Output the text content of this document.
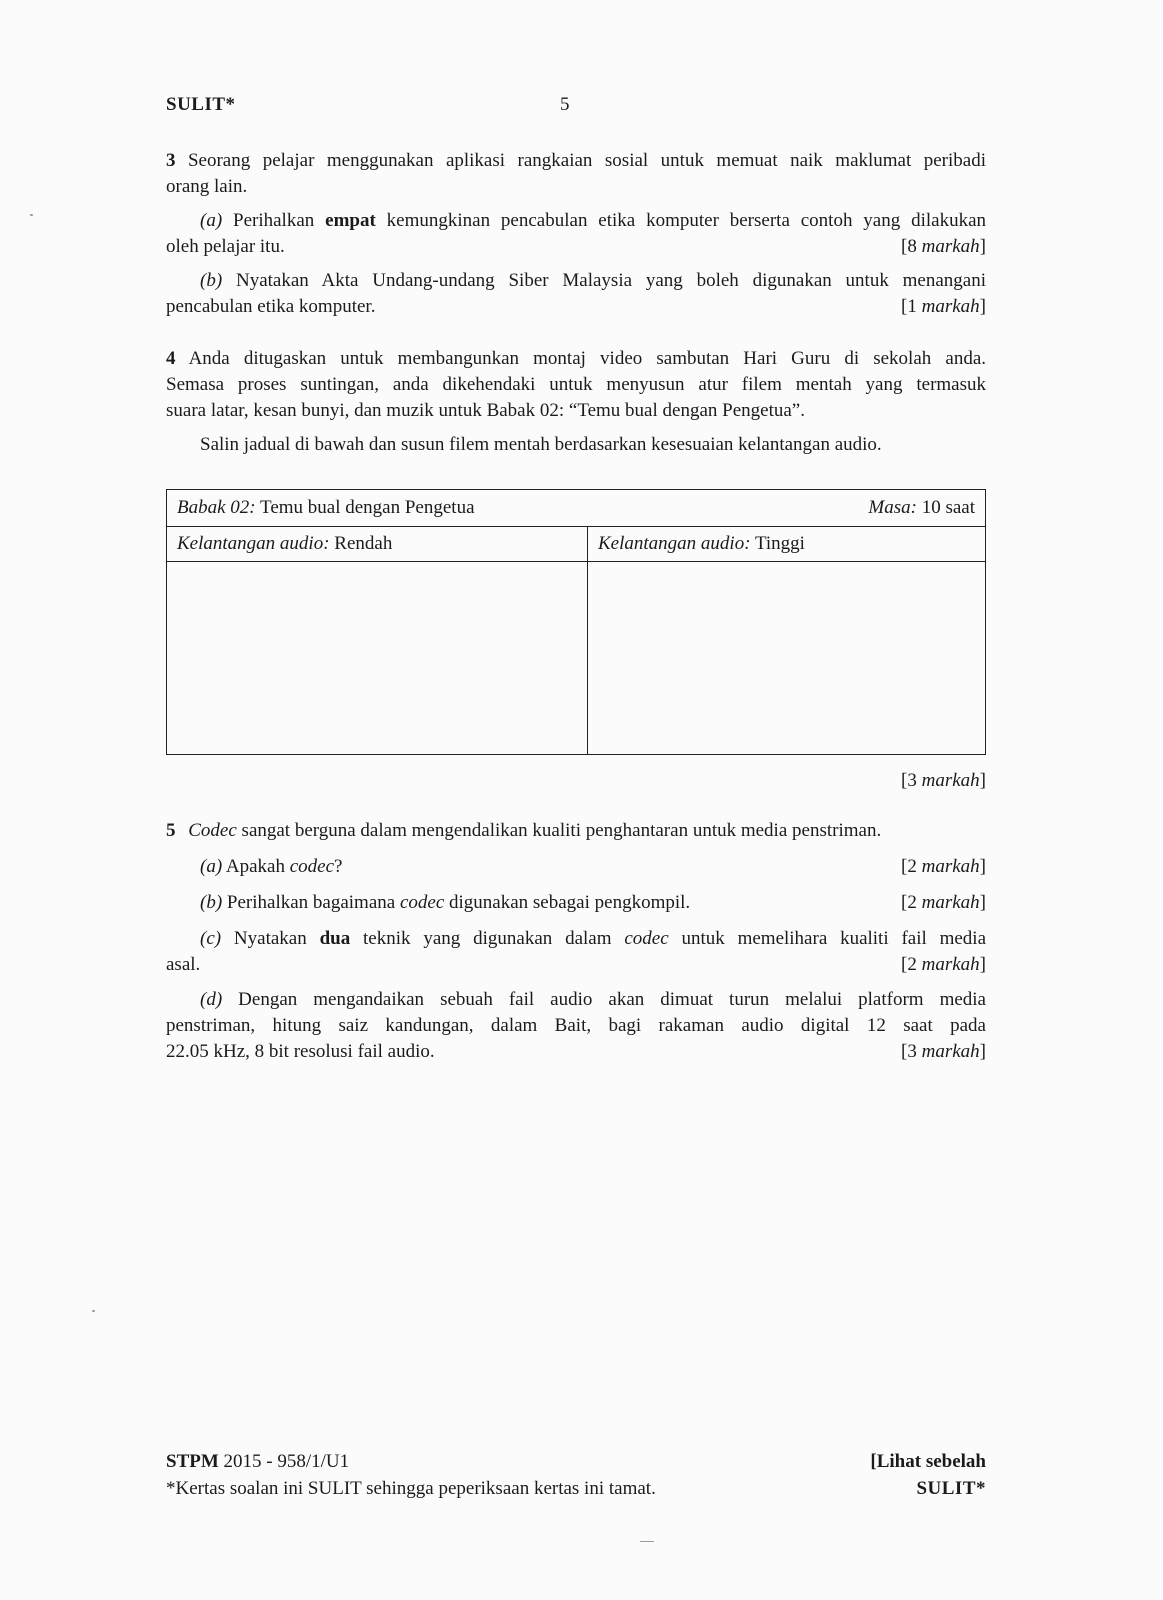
SULIT*	5
3 Seorang pelajar menggunakan aplikasi rangkaian sosial untuk memuat naik maklumat peribadi
orang lain.
(a) Perihalkan empat kemungkinan pencabulan etika komputer berserta contoh yang dilakukan
oleh pelajar itu.	[8 markah]
(b) Nyatakan Akta Undang-undang Siber Malaysia yang boleh digunakan untuk menangani
pencabulan etika komputer.	[1 markah]
4 Anda ditugaskan untuk membangunkan montaj video sambutan Hari Guru di sekolah anda.
Semasa proses suntingan, anda dikehendaki untuk menyusun atur filem mentah yang termasuk
suara latar, kesan bunyi, dan muzik untuk Babak 02: “Temu bual dengan Pengetua”.
Salin jadual di bawah dan susun filem mentah berdasarkan kesesuaian kelantangan audio.
Babak 02: Temu bual dengan Pengetua Masa: 10 saat	

Kelantangan audio: Rendah	Kelantangan audio: Tinggi

[3 markah]
5 Codec sangat berguna dalam mengendalikan kualiti penghantaran untuk media penstriman.
(a) Apakah codec?	[2 markah]
(b) Perihalkan bagaimana codec digunakan sebagai pengkompil.	[2 markah]
(c) Nyatakan dua teknik yang digunakan dalam codec untuk memelihara kualiti fail media
asal.	[2 markah]
(d) Dengan mengandaikan sebuah fail audio akan dimuat turun melalui platform media
penstriman, hitung saiz kandungan, dalam Bait, bagi rakaman audio digital 12 saat pada
22.05 kHz, 8 bit resolusi fail audio.	[3 markah]
STPM 2015 - 958/1/U1
*Kertas soalan ini SULIT sehingga peperiksaan kertas ini tamat.
[Lihat sebelah
SULIT*
